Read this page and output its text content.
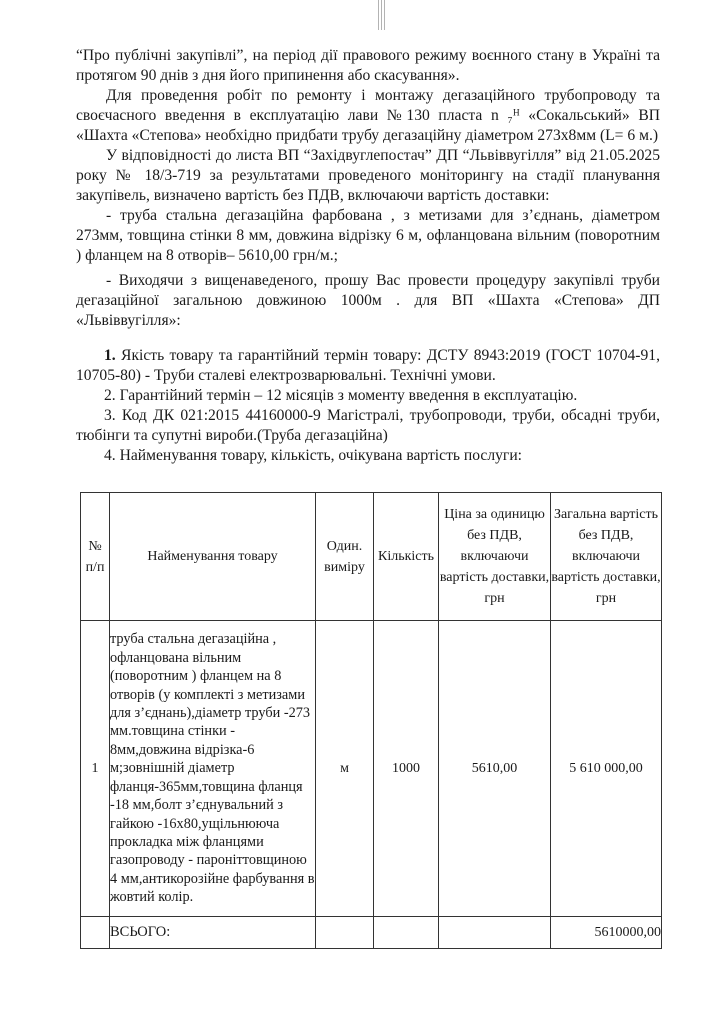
“Про публічні закупівлі”, на період дії правового режиму воєнного стану в Україні та протягом 90 днів з дня його припинення або скасування».

Для проведення робіт по ремонту і монтажу дегазаційного трубопроводу та своєчасного введення в експлуатацію лави №130 пласта n ₇ᴴ «Сокальський» ВП «Шахта «Степова» необхідно придбати трубу дегазаційну діаметром 273х8мм (L= 6 м.)

У відповідності до листа ВП “Західвуглепостач” ДП “Львіввугілля” від 21.05.2025 року № 18/3-719 за результатами проведеного моніторингу на стадії планування закупівель, визначено вартість без ПДВ, включаючи вартість доставки:

- труба стальна дегазаційна фарбована , з метизами для з’єднань, діаметром 273мм, товщина стінки 8 мм, довжина відрізку 6 м, офланцована вільним (поворотним ) фланцем на 8 отворів– 5610,00 грн/м.;

- Виходячи з вищенаведеного, прошу Вас провести процедуру закупівлі труби дегазаційної загальною довжиною 1000м . для ВП «Шахта «Степова» ДП «Львіввугілля»:

1. Якість товару та гарантійний термін товару: ДСТУ 8943:2019 (ГОСТ 10704-91, 10705-80) - Труби сталеві електрозварювальні. Технічні умови.

2. Гарантійний термін – 12 місяців з моменту введення в експлуатацію.

3. Код ДК 021:2015 44160000-9 Магістралі, трубопроводи, труби, обсадні труби, тюбінги та супутні вироби.(Труба дегазаційна)

4. Найменування товару, кількість, очікувана вартість послуги:

№ п/п	Найменування товару	Один. виміру	Кількість	Ціна за одиницю без ПДВ, включаючи вартість доставки, грн	Загальна вартість без ПДВ, включаючи вартість доставки, грн
1	труба стальна дегазаційна , офланцована вільним (поворотним ) фланцем на 8 отворів (у комплекті з метизами для з’єднань),діаметр труби -273 мм.товщина стінки - 8мм,довжина відрізка-6 м;зовнішній діаметр фланця-365мм,товщина фланця -18 мм,болт з’єднувальний з гайкою -16х80,ущільнююча прокладка між фланцями газопроводу - пароніттовщиною 4 мм,антикорозійне фарбування в жовтий колір.	м	1000	5610,00	5 610 000,00
	ВСЬОГО:				5610000,00
